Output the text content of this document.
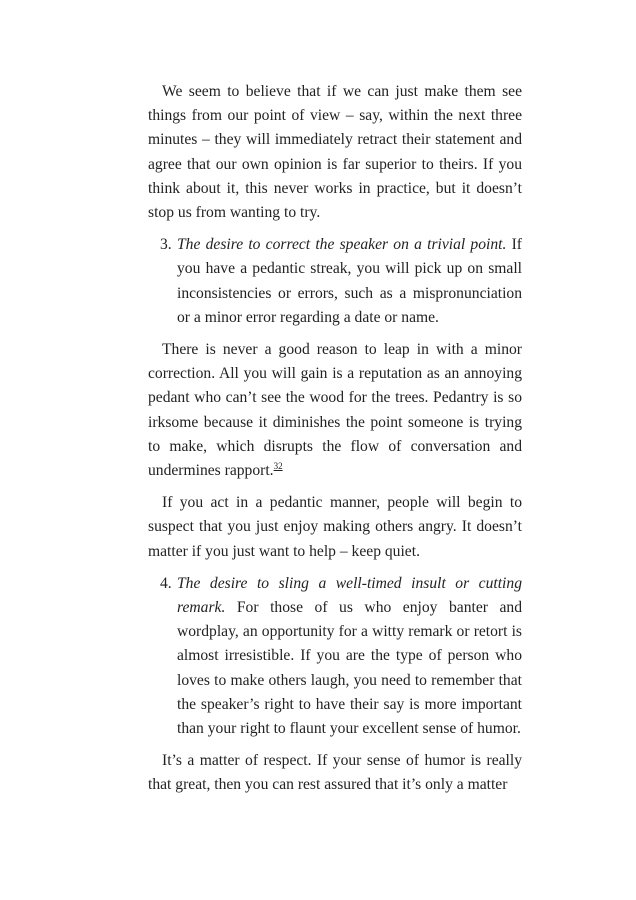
We seem to believe that if we can just make them see things from our point of view – say, within the next three minutes – they will immediately retract their statement and agree that our own opinion is far superior to theirs. If you think about it, this never works in practice, but it doesn’t stop us from wanting to try.

3. The desire to correct the speaker on a trivial point. If you have a pedantic streak, you will pick up on small inconsistencies or errors, such as a mispronunciation or a minor error regarding a date or name.

There is never a good reason to leap in with a minor correction. All you will gain is a reputation as an annoying pedant who can’t see the wood for the trees. Pedantry is so irksome because it diminishes the point someone is trying to make, which disrupts the flow of conversation and undermines rapport.$^{32}$

If you act in a pedantic manner, people will begin to suspect that you just enjoy making others angry. It doesn’t matter if you just want to help – keep quiet.

4. The desire to sling a well-timed insult or cutting remark. For those of us who enjoy banter and wordplay, an opportunity for a witty remark or retort is almost irresistible. If you are the type of person who loves to make others laugh, you need to remember that the speaker’s right to have their say is more important than your right to flaunt your excellent sense of humor.

It’s a matter of respect. If your sense of humor is really that great, then you can rest assured that it’s only a matter
